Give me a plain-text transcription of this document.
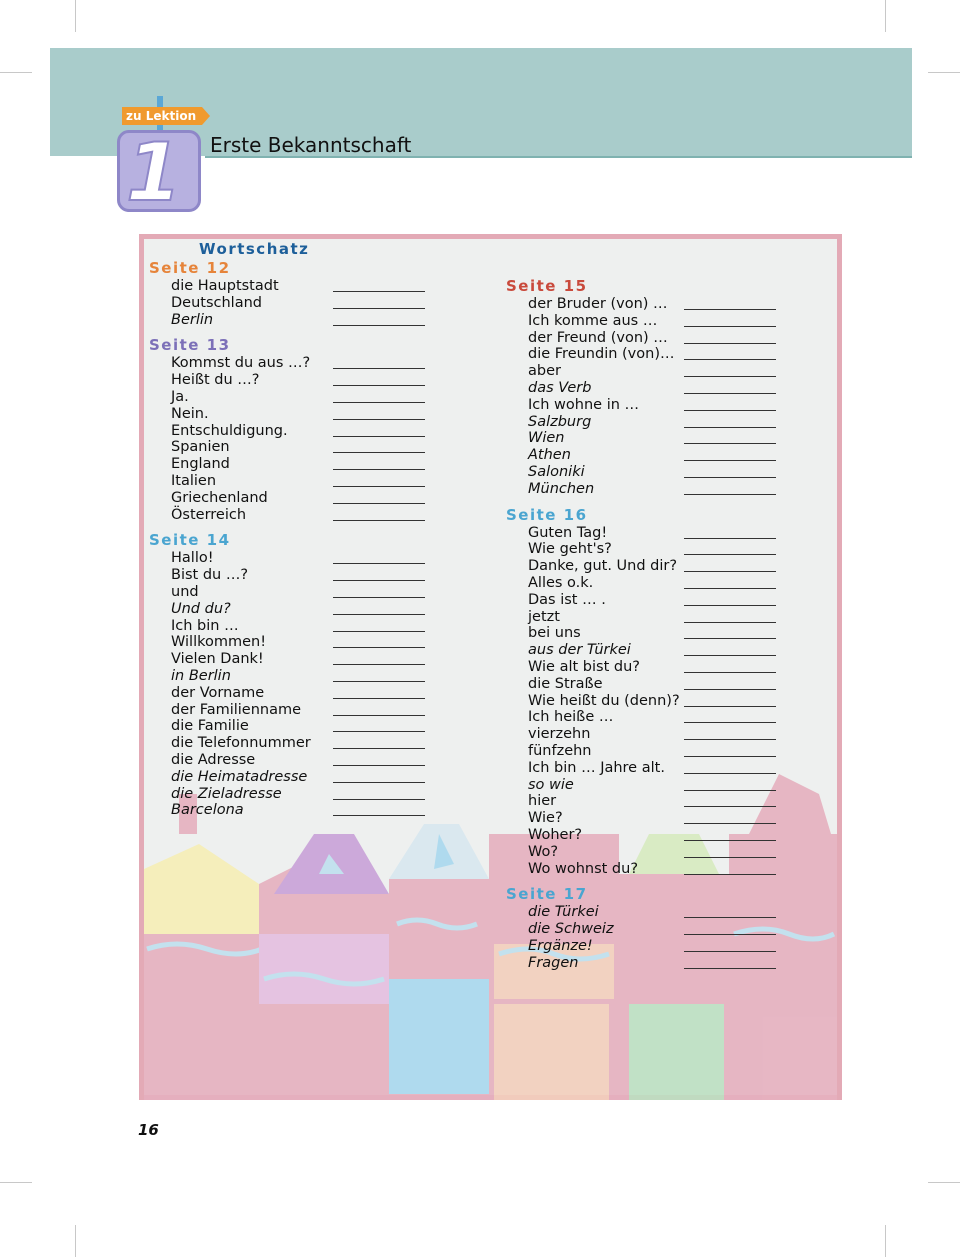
zu Lektion
1 Erste Bekanntschaft
Wortschatz
Seite 12
die Hauptstadt
Deutschland
Berlin
Seite 13
Kommst du aus …?
Heißt du …?
Ja.
Nein.
Entschuldigung.
Spanien
England
Italien
Griechenland
Österreich
Seite 14
Hallo!
Bist du …?
und
Und du?
Ich bin …
Willkommen!
Vielen Dank!
in Berlin
der Vorname
der Familienname
die Familie
die Telefonnummer
die Adresse
die Heimatadresse
die Zieladresse
Barcelona
Seite 15
der Bruder (von) …
Ich komme aus …
der Freund (von) …
die Freundin (von)…
aber
das Verb
Ich wohne in …
Salzburg
Wien
Athen
Saloniki
München
Seite 16
Guten Tag!
Wie geht's?
Danke, gut. Und dir?
Alles o.k.
Das ist … .
jetzt
bei uns
aus der Türkei
Wie alt bist du?
die Straße
Wie heißt du (denn)?
Ich heiße …
vierzehn
fünfzehn
Ich bin … Jahre alt.
so wie
hier
Wie?
Woher?
Wo?
Wo wohnst du?
Seite 17
die Türkei
die Schweiz
Ergänze!
Fragen
16
